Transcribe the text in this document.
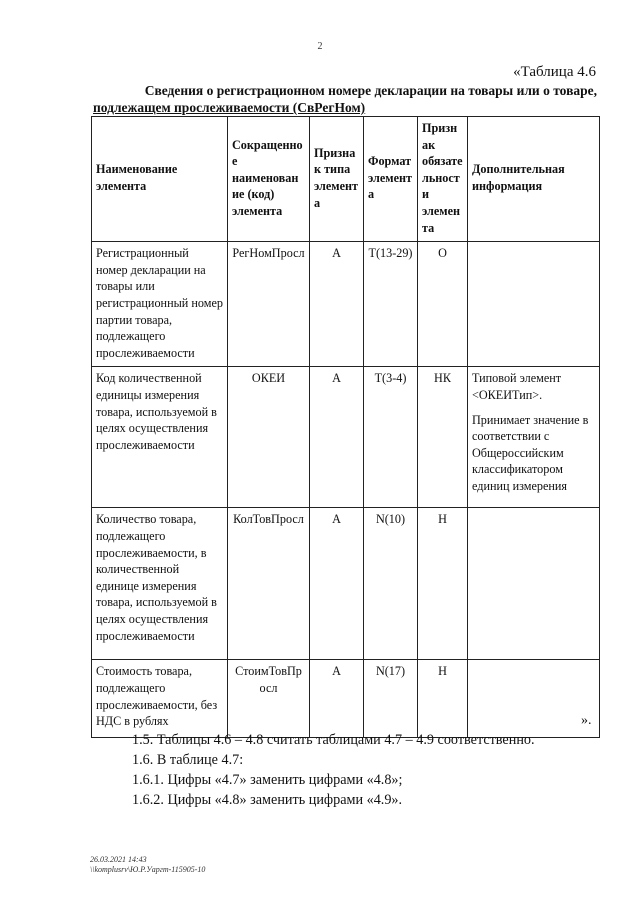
2
«Таблица 4.6
Сведения о регистрационном номере декларации на товары или о товаре,
подлежащем прослеживаемости (СвРегНом)
Наименование элемента	Сокращенное наименование (код) элемента	Признак типа элемента	Формат элемента	Признак обязательности элемента	Дополнительная информация
Регистрационный номер декларации на товары или регистрационный номер партии товара, подлежащего прослеживаемости	РегНомПросл	А	T(13-29)	О	
Код количественной единицы измерения товара, используемой в целях осуществления прослеживаемости	ОКЕИ	А	T(3-4)	НК	Типовой элемент <ОКЕИТип>.

Принимает значение в соответствии с Общероссийским классификатором единиц измерения

Количество товара, подлежащего прослеживаемости, в количественной единице измерения товара, используемой в целях осуществления прослеживаемости	КолТовПросл	А	N(10)	Н	
Стоимость товара, подлежащего прослеживаемости, без НДС в рублях	СтоимТовПросл	А	N(17)	Н	
».
1.5. Таблицы 4.6 – 4.8 считать таблицами 4.7 – 4.9 соответственно.
1.6. В таблице 4.7:
1.6.1. Цифры «4.7» заменить цифрами «4.8»;
1.6.2. Цифры «4.8» заменить цифрами «4.9».
26.03.2021 14:43
\\komplusrv\Ю.Р.Уаргт-115905-10
